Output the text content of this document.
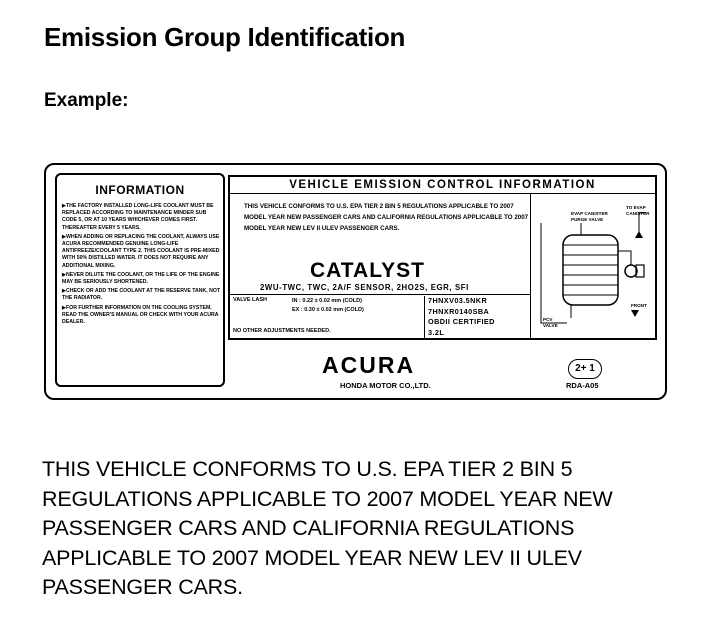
Emission Group Identification
Example:
INFORMATION

▶THE FACTORY INSTALLED LONG-LIFE COOLANT MUST BE REPLACED ACCORDING TO MAINTENANCE MINDER SUB CODE 5, OR AT 10 YEARS WHICHEVER COMES FIRST. THEREAFTER EVERY 5 YEARS.

▶WHEN ADDING OR REPLACING THE COOLANT, ALWAYS USE ACURA RECOMMENDED GENUINE LONG-LIFE ANTIFREEZE/COOLANT TYPE 2. THIS COOLANT IS PRE-MIXED WITH 50% DISTILLED WATER. IT DOES NOT REQUIRE ANY ADDITIONAL MIXING.

▶NEVER DILUTE THE COOLANT, OR THE LIFE OF THE ENGINE MAY BE SERIOUSLY SHORTENED.

▶CHECK OR ADD THE COOLANT AT THE RESERVE TANK, NOT THE RADIATOR.

▶FOR FURTHER INFORMATION ON THE COOLING SYSTEM, READ THE OWNER'S MANUAL OR CHECK WITH YOUR ACURA DEALER.

VEHICLE EMISSION CONTROL INFORMATION
THIS VEHICLE CONFORMS TO U.S. EPA TIER 2 BIN 5 REGULATIONS APPLICABLE TO 2007 MODEL YEAR NEW PASSENGER CARS AND CALIFORNIA REGULATIONS APPLICABLE TO 2007 MODEL YEAR NEW LEV II ULEV PASSENGER CARS.
CATALYST
2WU-TWC, TWC, 2A/F SENSOR, 2HO2S, EGR, SFI
VALVE LASH	IN : 0.22 ± 0.02 mm (COLD)
EX : 0.30 ± 0.02 mm (COLD)
NO OTHER ADJUSTMENTS NEEDED.
7HNXV03.5NKR
7HNXR0140SBA
OBDII CERTIFIED
3.2L
EVAP CANISTER PURGE VALVE
TO EVAP CANISTER
PCV VALVE
FRONT
ACURA
HONDA MOTOR CO.,LTD.
2+ 1
RDA-A05
THIS VEHICLE CONFORMS TO U.S. EPA TIER 2 BIN 5 REGULATIONS APPLICABLE TO 2007 MODEL YEAR NEW PASSENGER CARS AND CALIFORNIA REGULATIONS APPLICABLE TO 2007 MODEL YEAR NEW LEV II ULEV PASSENGER CARS.
